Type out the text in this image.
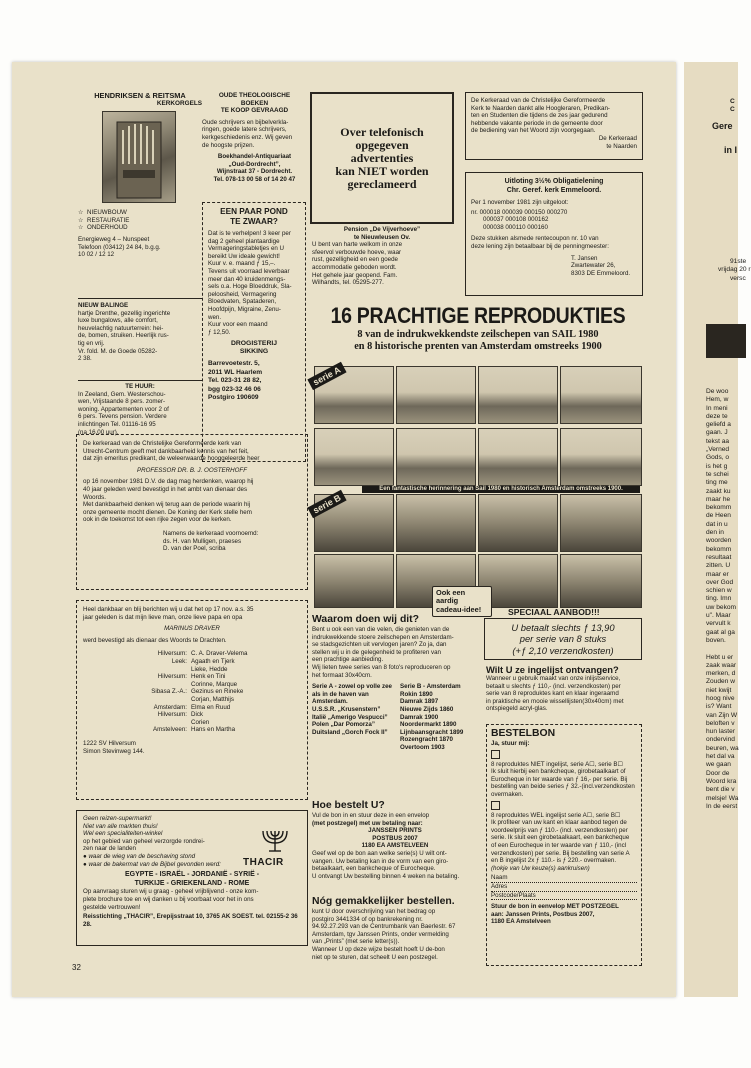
HENDRIKSEN & REITSMA
KERKORGELS
☆ NIEUWBOUW
☆ RESTAURATIE
☆ ONDERHOUD
Energieweg 4 – Nunspeet
Telefoon (03412) 24 84, b.g.g.
10 02 / 12 12
OUDE THEOLOGISCHE
BOEKEN
TE KOOP GEVRAAGD
Oude schrijvers en bijbelverkla-
ringen, goede latere schrijvers,
kerkgeschiedenis enz. Wij geven
de hoogste prijzen.
Boekhandel-Antiquariaat
„Oud-Dordrecht”,
Wijnstraat 37 - Dordrecht.
Tel. 078-13 00 58 of 14 20 47
Over telefonisch
opgegeven
advertenties
kan NIET worden
gereclameerd
De Kerkeraad van de Christelijke Gereformeerde
Kerk te Naarden dankt alle Hoogleraren, Predikan-
ten en Studenten die tijdens de zes jaar gedurend
hebbende vakante periode in de gemeente door
de bediening van het Woord zijn voorgegaan.
De Kerkeraad
te Naarden
Uitloting 3½% Obligatielening
Chr. Geref. kerk Emmeloord.
Per 1 november 1981 zijn uitgeloot:
nr. 000018 000039 000150 000270
000037 000108 000162
000038 000110 000160
Deze stukken alsmede rentecoupon nr. 10 van
deze lening zijn betaalbaar bij de penningmeester:
T. Jansen
Zwartewater 26,
8303 DE Emmeloord.
NIEUW BALINGE
hartje Drenthe, gezellig ingerichte
luxe bungalows, alle comfort,
heuvelachtig natuurterrein: hei-
de, bomen, struiken. Heerlijk rus-
tig en vrij.
Vr. fold. M. de Goede 05282-
2 38.
TE HUUR:
In Zeeland, Gem. Westerschou-
wen, Vrijstaande 8 pers. zomer-
woning. Appartementen voor 2 of
6 pers. Tevens pension. Verdere
inlichtingen Tel. 01116-16 95
(na 16.00 uur).
EEN PAAR POND
TE ZWAAR?
Dat is te verhelpen! 3 keer per
dag 2 geheel plantaardige
Vermageringstabletjes en U
bereikt Uw ideale gewicht!
Kuur v. e. maand ƒ 15,–.
Tevens uit voorraad leverbaar
meer dan 40 kruidenmengs-
sels o.a. Hoge Bloeddruk, Sla-
peloosheid, Vermagering
Bloedvaten, Spataderen,
Hoofdpijn, Migraine, Zenu-
wen.
Kuur voor een maand
ƒ 12,50.
DROGISTERIJ
SIKKING
Barrevoetestr. 5,
2011 WL Haarlem
Tel. 023-31 28 82,
bgg 023-32 46 06
Postgiro 190609
Pension „De Vijverhoeve”
te Nieuwleusen Ov.
U bent van harte welkom in onze
sfeervol verbouwde hoeve, waar
rust, gezelligheid en een goede
accommodatie geboden wordt.
Het gehele jaar geopend. Fam.
Wilhandts, tel. 05295-277.
De kerkeraad van de Christelijke Gereformeerde kerk van
Utrecht-Centrum geeft met dankbaarheid kennis van het feit,
dat zijn emeritus predikant, de weleerwaarde hooggeleerde heer
PROFESSOR DR. B. J. OOSTERHOFF
op 16 november 1981 D.V. de dag mag herdenken, waarop hij
40 jaar geleden werd bevestigd in het ambt van dienaar des
Woords.
Met dankbaarheid denken wij terug aan de periode waarin hij
onze gemeente mocht dienen. De Koning der Kerk stelle hem
ook in de toekomst tot een rijke zegen voor de kerken.
Namens de kerkeraad voornoemd:
ds. H. van Mulligen, praeses
D. van der Poel, scriba
Heel dankbaar en blij berichten wij u dat het op 17 nov. a.s. 35
jaar geleden is dat mijn lieve man, onze lieve papa en opa
MARINUS DRAVER
werd bevestigd als dienaar des Woords te Drachten.
Hilversum: C. A. Draver-Velema
Leek: Agaath en Tjerk
Lieke, Hedde
Hilversum: Henk en Tini
Corinne, Marque
Sibasa Z.-A.: Gezinus en Rineke
Corjan, Matthijs
Amsterdam: Elma en Ruud
Hilversum: Dick
Corien
Amstelveen: Hans en Martha
1222 SV Hilversum
Simon Stevinweg 144.
Geen reizen-supermarkt!
Niet van alle markten thuis!
Wel een specialiteiten-winkel
op het gebied van geheel verzorgde rondrei-
zen naar de landen
● waar de wieg van de beschaving stond
● waar de bakermat van de Bijbel gevonden werd:	THACIR
EGYPTE - ISRAËL - JORDANIË - SYRIË -
TURKIJE - GRIEKENLAND - ROME
Op aanvraag sturen wij u graag - geheel vrijblijvend - onze kom-
plete brochure toe en wij danken u bij voorbaat voor het in ons
gestelde vertrouwen!
Reisstichting „THACIR”, Erepijsstraat 10, 3765 AK SOEST. tel. 02155-2 36 28.
32
16 PRACHTIGE REPRODUKTIES
8 van de indrukwekkendste zeilschepen van SAIL 1980
en 8 historische prenten van Amsterdam omstreeks 1900
serie A
Een fantastische herinnering aan Sail 1980 en historisch Amsterdam omstreeks 1900.
serie B
Ook een
aardig
cadeau-idee!	SPECIAAL AANBOD!!!
U betaalt slechts ƒ 13,90
per serie van 8 stuks
(+ƒ 2,10 verzendkosten)
Waarom doen wij dit?
Bent u ook een van die velen, die genieten van de
indrukwekkende stoere zeilschepen en Amsterdam-
se stadsgezichten uit vervlogen jaren? Zo ja, dan
stellen wij u in de gelegenheid te profiteren van
een prachtige aanbieding.
Wij lieten twee series van 8 foto's reproduceren op
het formaat 30x40cm.
Serie A - zowel op volle zee als in de haven van Amsterdam.
U.S.S.R. „Krusenstern”
Italië „Amerigo Vespucci”
Polen „Dar Pomorza”
Duitsland „Gorch Fock II”
Serie B - Amsterdam
Rokin 1890
Damrak 1897
Nieuwe Zijds 1860
Damrak 1900
Noordermarkt 1890
Lijnbaansgracht 1899
Rozengracht 1870
Overtoom 1903
Hoe bestelt U?
Vul de bon in en stuur deze in een envelop
(met postzegel) met uw betaling naar:
JANSSEN PRINTS
POSTBUS 2007
1180 EA AMSTELVEEN
Geef wel op de bon aan welke serie(s) U wilt ont-
vangen. Uw betaling kan in de vorm van een giro-
betaalkaart, een bankcheque of Eurocheque.
U ontvangt Uw bestelling binnen 4 weken na betaling.
Nóg gemakkelijker bestellen.
kunt U door overschrijving van het bedrag op
postgiro 3441334 of op bankrekening nr.
94.92.27.293 van de Centrumbank van Baerlestr. 67
Amsterdam, tgv Janssen Prints, onder vermelding
van „Prints” (met serie letter(s)).
Wanneer U op deze wijze bestelt hoeft U de-bon
niet op te sturen, dat scheelt U een postzegel.
Wilt U ze ingelijst ontvangen?
Wanneer u gebruik maakt van onze inlijstservice,
betaalt u slechts ƒ 110,- (incl. verzendkosten) per
serie van 8 reproduktes kant en klaar ingeraamd
in praktische en mooie wissellijsten(30x40cm) met
ontspiegeld acryl-glas.
BESTELBON
Ja, stuur mij:
8 reproduktes NIET ingelijst, serie A☐, serie B☐
Ik sluit hierbij een bankcheque, girobetaalkaart of
Eurocheque in ter waarde van ƒ 16,- per serie. Bij
bestelling van beide series ƒ 32.-(incl.verzendkosten
overmaken.
8 reproduktes WEL ingelijst serie A☐, serie B☐
Ik profiteer van uw kant en klaar aanbod tegen de
voordeelprijs van ƒ 110.- (incl. verzendkosten) per
serie. Ik sluit een girobetaalkaart, een bankcheque
of een Eurocheque in ter waarde van ƒ 110,- (incl
verzendkosten) per serie. Bij bestelling van serie A
en B ingelijst 2x ƒ 110.- is ƒ 220.- overmaken.
(hokje van Uw keuze(s) aankruisen)
Naam
Adres
Postcode/Plaats
Stuur de bon in eenvelop MET POSTZEGEL
aan: Janssen Prints, Postbus 2007,
1180 EA Amstelveen
C
C
Gere
in I
91ste
vrijdag 20 r
versc
De woo
Hem, w
In meni
deze te
geliefd a
gaan. J
tekst aa
„Verned
Gods, o
is het g
te schei
ting me
zaakt ku
maar he
bekomm
de Heen
dat in u
den in
woorden
bekomm
resultaat
zitten. U
maar er
over God
schien w
ting. Imn
uw bekom
u". Maar
vervult k
gaat al ga
boven.

Hebt u er
zaak waar
merken, d
Zouden w
niet kwijt
hoog nive
is? Want
van Zijn W
beloften v
hun laster
ondervind
beuren, wa
het dal va
we gaan
Door de
Woord kra
bent die v
melsje! Wa
In de eerst
